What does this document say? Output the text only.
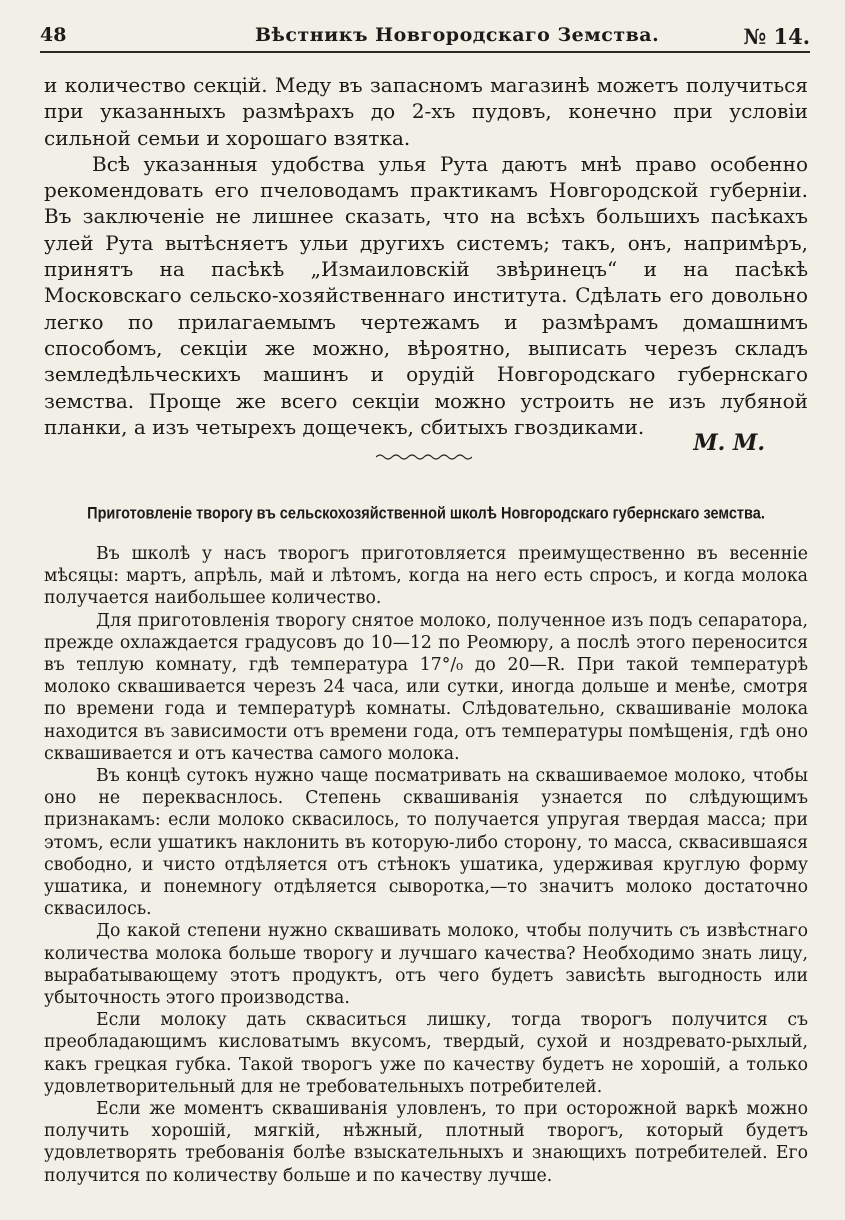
48	Вѣстникъ Новгородскаго Земства.	№ 14.

и количество секцій. Меду въ запасномъ магазинѣ можетъ получиться при указанныхъ размѣрахъ до 2-хъ пудовъ, конечно при условіи сильной семьи и хорошаго взятка.

Всѣ указанныя удобства улья Рута даютъ мнѣ право особенно рекомендовать его пчеловодамъ практикамъ Новгородской губерніи. Въ заключеніе не лишнее сказать, что на всѣхъ большихъ пасѣкахъ улей Рута вытѣсняетъ ульи другихъ системъ; такъ, онъ, напримѣръ, принятъ на пасѣкѣ „Измаиловскій звѣринецъ“ и на пасѣкѣ Московскаго сельско-хозяйственнаго института. Сдѣлать его довольно легко по прилагаемымъ чертежамъ и размѣрамъ домашнимъ способомъ, секціи же можно, вѣроятно, выписать черезъ складъ земледѣльческихъ машинъ и орудій Новгородскаго губернскаго земства. Проще же всего секціи можно устроить не изъ лубяной планки, а изъ четырехъ дощечекъ, сбитыхъ гвоздиками.

М. М.
Приготовленіе творогу въ сельскохозяйственной школѣ Новгородскаго губернскаго земства.

Въ школѣ у насъ творогъ приготовляется преимущественно въ весенніе мѣсяцы: мартъ, апрѣль, май и лѣтомъ, когда на него есть спросъ, и когда молока получается наибольшее количество.

Для приготовленія творогу снятое молоко, полученное изъ подъ сепаратора, прежде охлаждается градусовъ до 10—12 по Реомюру, а послѣ этого переносится въ теплую комнату, гдѣ температура 17°/₀ до 20—R. При такой температурѣ молоко сквашивается черезъ 24 часа, или сутки, иногда дольше и менѣе, смотря по времени года и температурѣ комнаты. Слѣдовательно, сквашиваніе молока находится въ зависимости отъ времени года, отъ температуры помѣщенія, гдѣ оно сквашивается и отъ качества самого молока.

Въ концѣ сутокъ нужно чаще посматривать на сквашиваемое молоко, чтобы оно не перекваснлось. Степень сквашиванія узнается по слѣдующимъ признакамъ: если молоко сквасилось, то получается упругая твердая масса; при этомъ, если ушатикъ наклонить въ которую-либо сторону, то масса, сквасившаяся свободно, и чисто отдѣляется отъ стѣнокъ ушатика, удерживая круглую форму ушатика, и понемногу отдѣляется сыворотка,—то значитъ молоко достаточно сквасилось.

До какой степени нужно сквашивать молоко, чтобы получить съ извѣстнаго количества молока больше творогу и лучшаго качества? Необходимо знать лицу, вырабатывающему этотъ продуктъ, отъ чего будетъ зависѣть выгодность или убыточность этого производства.

Если молоку дать скваситься лишку, тогда творогъ получится съ преобладающимъ кисловатымъ вкусомъ, твердый, сухой и ноздревато-рыхлый, какъ грецкая губка. Такой творогъ уже по качеству будетъ не хорошій, а только удовлетворительный для не требовательныхъ потребителей.

Если же моментъ сквашиванія уловленъ, то при осторожной варкѣ можно получить хорошій, мягкій, нѣжный, плотный творогъ, который будетъ удовлетворять требованія болѣе взыскательныхъ и знающихъ потребителей. Его получится по количеству больше и по качеству лучше.
